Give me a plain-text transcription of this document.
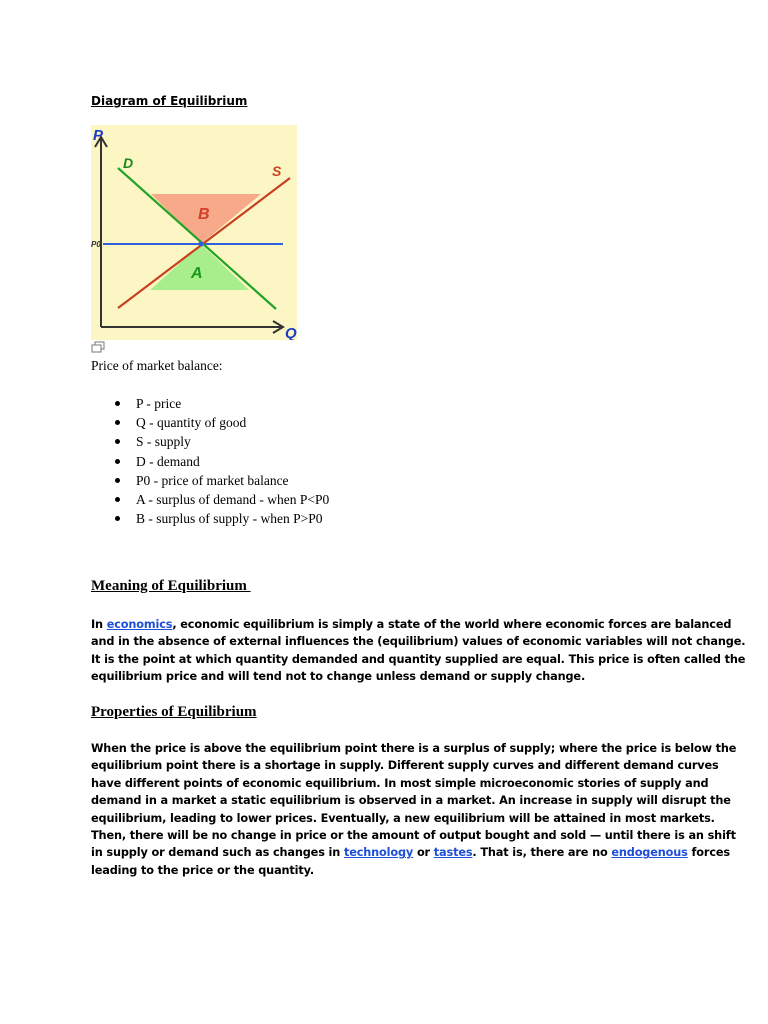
Diagram of Equilibrium
P
Q
D	S
P0
B
A
Price of market balance:
P - price
Q - quantity of good
S - supply
D - demand
P0 - price of market balance
A - surplus of demand - when P<P0
B - surplus of supply - when P>P0
Meaning of Equilibrium
In economics, economic equilibrium is simply a state of the world where economic forces are balanced
and in the absence of external influences the (equilibrium) values of economic variables will not change.
It is the point at which quantity demanded and quantity supplied are equal. This price is often called the
equilibrium price and will tend not to change unless demand or supply change.
Properties of Equilibrium
When the price is above the equilibrium point there is a surplus of supply; where the price is below the
equilibrium point there is a shortage in supply. Different supply curves and different demand curves
have different points of economic equilibrium. In most simple microeconomic stories of supply and
demand in a market a static equilibrium is observed in a market. An increase in supply will disrupt the
equilibrium, leading to lower prices. Eventually, a new equilibrium will be attained in most markets.
Then, there will be no change in price or the amount of output bought and sold — until there is an shift
in supply or demand such as changes in technology or tastes. That is, there are no endogenous forces
leading to the price or the quantity.
